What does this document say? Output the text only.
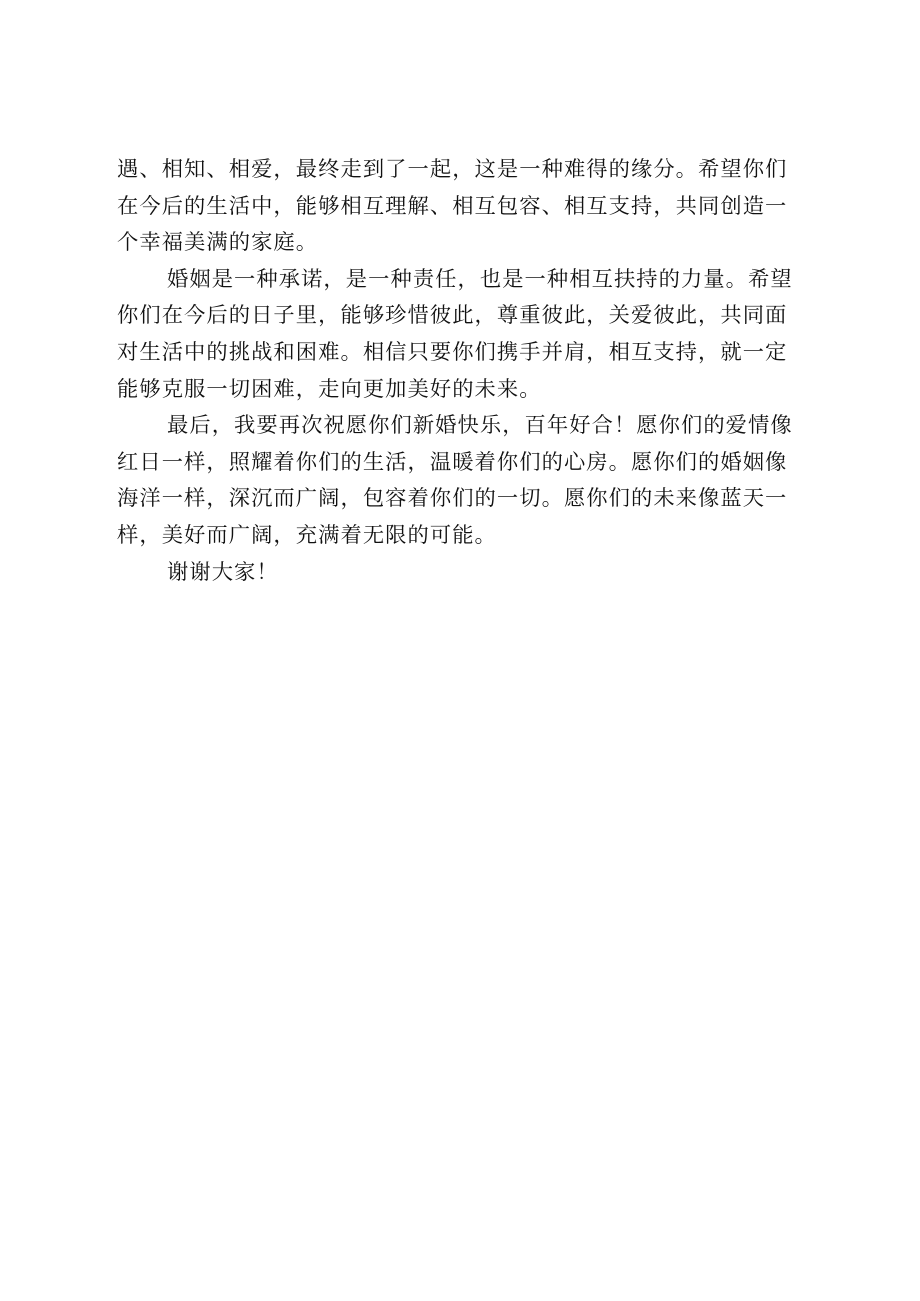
遇、相知、相爱，最终走到了一起，这是一种难得的缘分。希望你们
在今后的生活中，能够相互理解、相互包容、相互支持，共同创造一
个幸福美满的家庭。
婚姻是一种承诺，是一种责任，也是一种相互扶持的力量。希望
你们在今后的日子里，能够珍惜彼此，尊重彼此，关爱彼此，共同面
对生活中的挑战和困难。相信只要你们携手并肩，相互支持，就一定
能够克服一切困难，走向更加美好的未来。
最后，我要再次祝愿你们新婚快乐，百年好合！愿你们的爱情像
红日一样，照耀着你们的生活，温暖着你们的心房。愿你们的婚姻像
海洋一样，深沉而广阔，包容着你们的一切。愿你们的未来像蓝天一
样，美好而广阔，充满着无限的可能。
谢谢大家！
